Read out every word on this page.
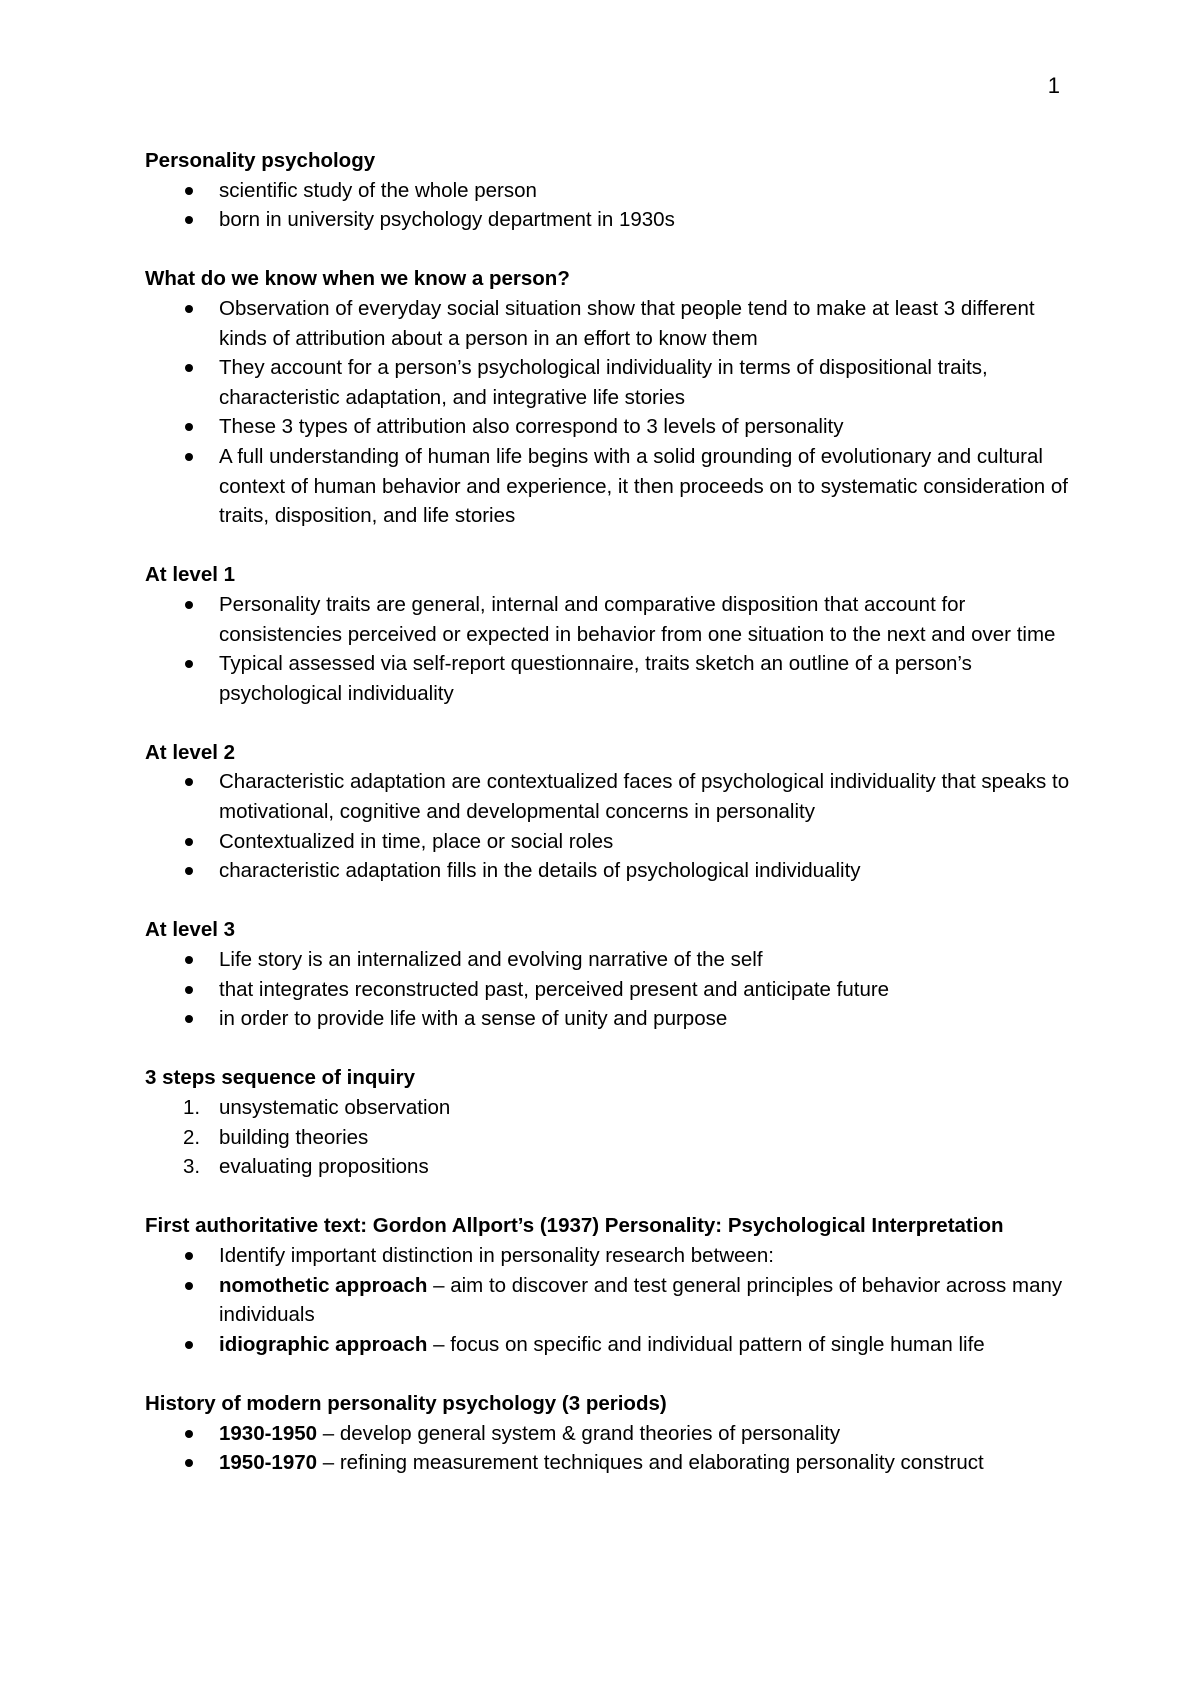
1
Personality psychology
scientific study of the whole person
born in university psychology department in 1930s
What do we know when we know a person?
Observation of everyday social situation show that people tend to make at least 3 different kinds of attribution about a person in an effort to know them
They account for a person’s psychological individuality in terms of dispositional traits, characteristic adaptation, and integrative life stories
These 3 types of attribution also correspond to 3 levels of personality
A full understanding of human life begins with a solid grounding of evolutionary and cultural context of human behavior and experience, it then proceeds on to systematic consideration of traits, disposition, and life stories
At level 1
Personality traits are general, internal and comparative disposition that account for consistencies perceived or expected in behavior from one situation to the next and over time
Typical assessed via self-report questionnaire, traits sketch an outline of a person’s psychological individuality
At level 2
Characteristic adaptation are contextualized faces of psychological individuality that speaks to motivational, cognitive and developmental concerns in personality
Contextualized in time, place or social roles
characteristic adaptation fills in the details of psychological individuality
At level 3
Life story is an internalized and evolving narrative of the self
that integrates reconstructed past, perceived present and anticipate future
in order to provide life with a sense of unity and purpose
3 steps sequence of inquiry
1. unsystematic observation
2. building theories
3. evaluating propositions
First authoritative text: Gordon Allport’s (1937) Personality: Psychological Interpretation
Identify important distinction in personality research between:
nomothetic approach – aim to discover and test general principles of behavior across many individuals
idiographic approach – focus on specific and individual pattern of single human life
History of modern personality psychology (3 periods)
1930-1950 – develop general system & grand theories of personality
1950-1970 – refining measurement techniques and elaborating personality construct
